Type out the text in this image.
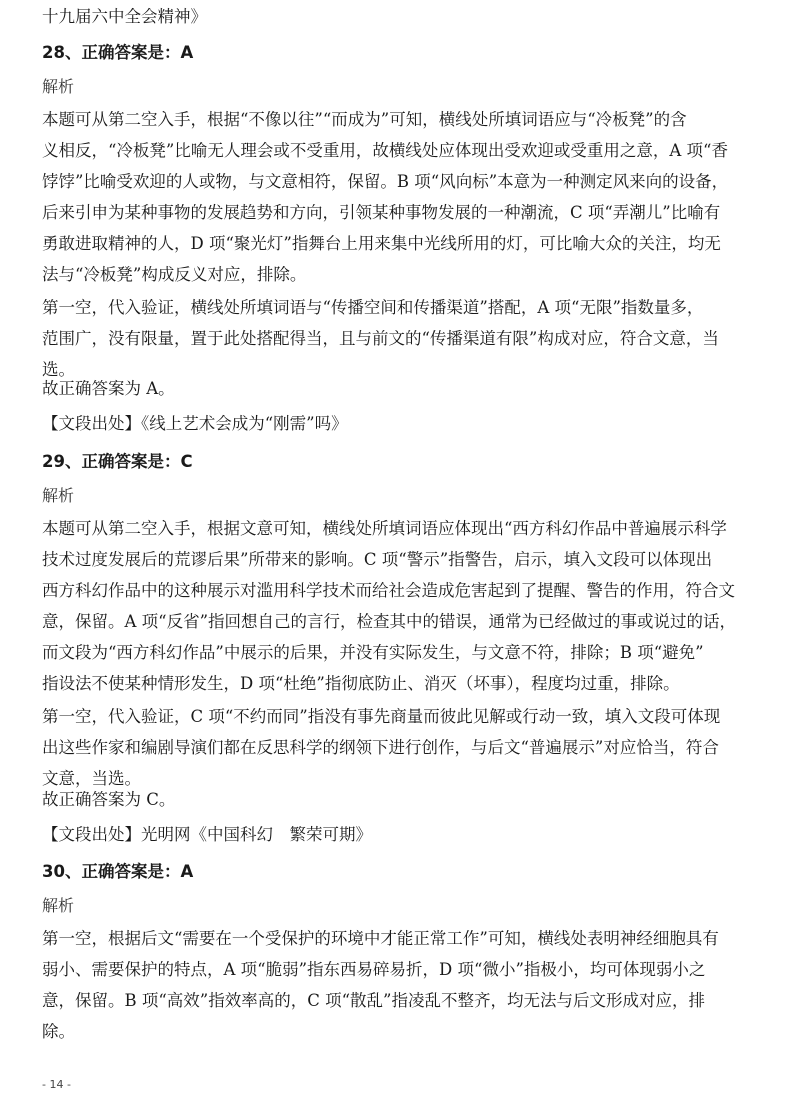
十九届六中全会精神》
28、正确答案是：A
解析
本题可从第二空入手，根据“不像以往”“而成为”可知，横线处所填词语应与“冷板凳”的含
义相反，“冷板凳”比喻无人理会或不受重用，故横线处应体现出受欢迎或受重用之意，A 项“香
饽饽”比喻受欢迎的人或物，与文意相符，保留。B 项“风向标”本意为一种测定风来向的设备，
后来引申为某种事物的发展趋势和方向，引领某种事物发展的一种潮流，C 项“弄潮儿”比喻有
勇敢进取精神的人，D 项“聚光灯”指舞台上用来集中光线所用的灯，可比喻大众的关注，均无
法与“冷板凳”构成反义对应，排除。
第一空，代入验证，横线处所填词语与“传播空间和传播渠道”搭配，A 项“无限”指数量多，
范围广，没有限量，置于此处搭配得当，且与前文的“传播渠道有限”构成对应，符合文意，当
选。
故正确答案为 A。
【文段出处】《线上艺术会成为“刚需”吗》
29、正确答案是：C
解析
本题可从第二空入手，根据文意可知，横线处所填词语应体现出“西方科幻作品中普遍展示科学
技术过度发展后的荒谬后果”所带来的影响。C 项“警示”指警告，启示，填入文段可以体现出
西方科幻作品中的这种展示对滥用科学技术而给社会造成危害起到了提醒、警告的作用，符合文
意，保留。A 项“反省”指回想自己的言行，检查其中的错误，通常为已经做过的事或说过的话，
而文段为“西方科幻作品”中展示的后果，并没有实际发生，与文意不符，排除；B 项“避免”
指设法不使某种情形发生，D 项“杜绝”指彻底防止、消灭（坏事），程度均过重，排除。
第一空，代入验证，C 项“不约而同”指没有事先商量而彼此见解或行动一致，填入文段可体现
出这些作家和编剧导演们都在反思科学的纲领下进行创作，与后文“普遍展示”对应恰当，符合
文意，当选。
故正确答案为 C。
【文段出处】光明网《中国科幻　繁荣可期》
30、正确答案是：A
解析
第一空，根据后文“需要在一个受保护的环境中才能正常工作”可知，横线处表明神经细胞具有
弱小、需要保护的特点，A 项“脆弱”指东西易碎易折，D 项“微小”指极小，均可体现弱小之
意，保留。B 项“高效”指效率高的，C 项“散乱”指凌乱不整齐，均无法与后文形成对应，排
除。
- 14 -
